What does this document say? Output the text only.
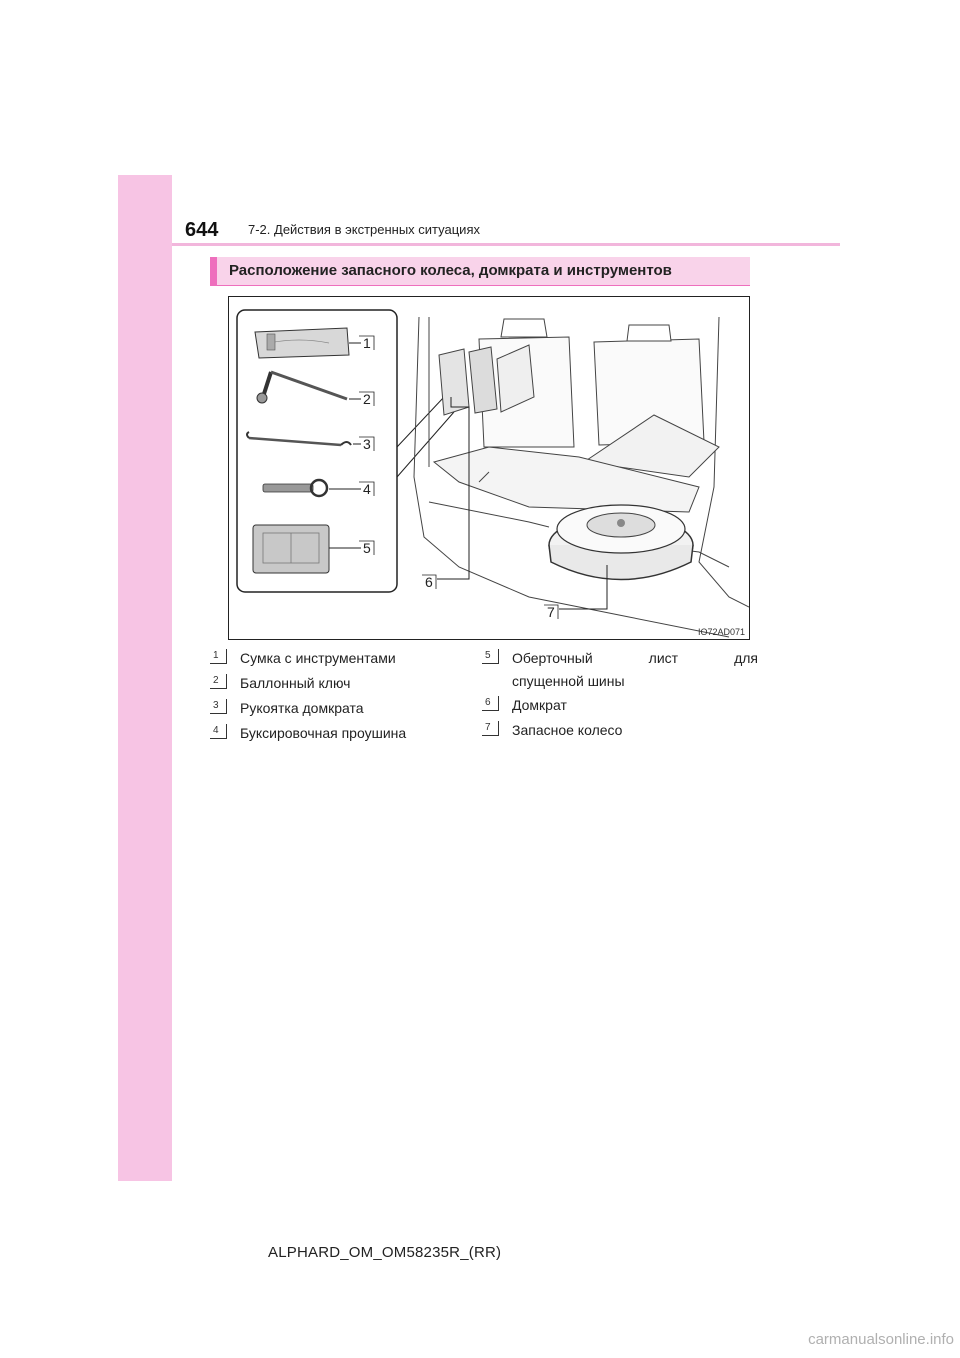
644 7-2. Действия в экстренных ситуациях
Расположение запасного колеса, домкрата и инструментов
1
2
3
4
5
6
7
IO72AD071
1	Сумка с инструментами
2	Баллонный ключ
3	Рукоятка домкрата
4	Буксировочная проушина
5	Оберточный лист для
спущенной шины
6	Домкрат
7	Запасное колесо
ALPHARD_OM_OM58235R_(RR)
carmanualsonline.info
